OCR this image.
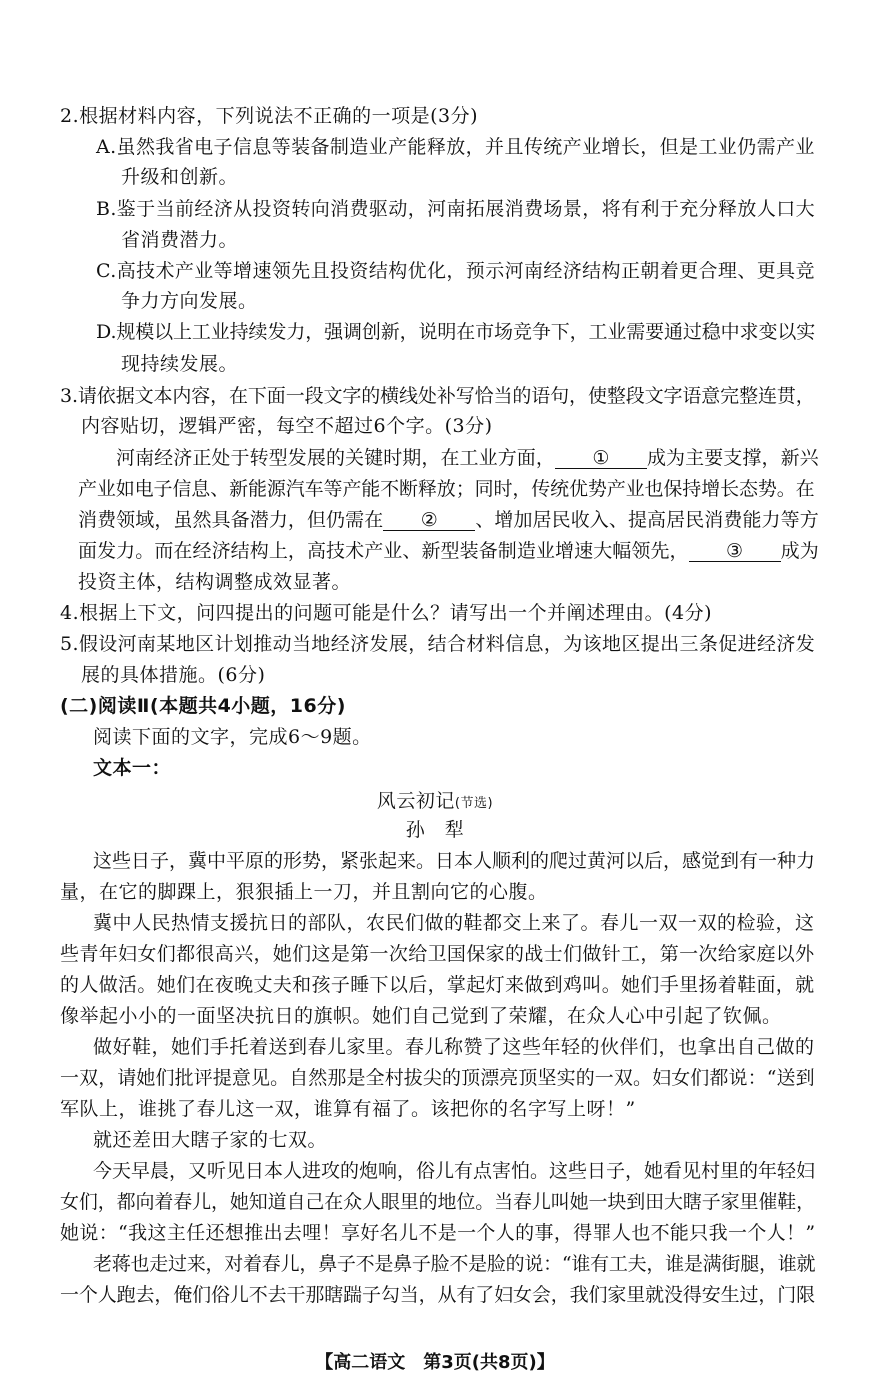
2.根据材料内容，下列说法不正确的一项是(3分)
A.虽然我省电子信息等装备制造业产能释放，并且传统产业增长，但是工业仍需产业
升级和创新。
B.鉴于当前经济从投资转向消费驱动，河南拓展消费场景，将有利于充分释放人口大
省消费潜力。
C.高技术产业等增速领先且投资结构优化，预示河南经济结构正朝着更合理、更具竞
争力方向发展。
D.规模以上工业持续发力，强调创新，说明在市场竞争下，工业需要通过稳中求变以实
现持续发展。
3.请依据文本内容，在下面一段文字的横线处补写恰当的语句，使整段文字语意完整连贯，
内容贴切，逻辑严密，每空不超过6个字。(3分)
河南经济正处于转型发展的关键时期，在工业方面， ① 成为主要支撑，新兴
产业如电子信息、新能源汽车等产能不断释放；同时，传统优势产业也保持增长态势。在
消费领域，虽然具备潜力，但仍需在 ② 、增加居民收入、提高居民消费能力等方
面发力。而在经济结构上，高技术产业、新型装备制造业增速大幅领先， ③ 成为
投资主体，结构调整成效显著。
4.根据上下文，问四提出的问题可能是什么？请写出一个并阐述理由。(4分)
5.假设河南某地区计划推动当地经济发展，结合材料信息，为该地区提出三条促进经济发
展的具体措施。(6分)
(二)阅读Ⅱ(本题共4小题，16分)
阅读下面的文字，完成6～9题。
文本一：
风云初记(节选)
孙　犁
这些日子，冀中平原的形势，紧张起来。日本人顺利的爬过黄河以后，感觉到有一种力
量，在它的脚踝上，狠狠插上一刀，并且割向它的心腹。
冀中人民热情支援抗日的部队，农民们做的鞋都交上来了。春儿一双一双的检验，这
些青年妇女们都很高兴，她们这是第一次给卫国保家的战士们做针工，第一次给家庭以外
的人做活。她们在夜晚丈夫和孩子睡下以后，掌起灯来做到鸡叫。她们手里扬着鞋面，就
像举起小小的一面坚决抗日的旗帜。她们自己觉到了荣耀，在众人心中引起了钦佩。
做好鞋，她们手托着送到春儿家里。春儿称赞了这些年轻的伙伴们，也拿出自己做的
一双，请她们批评提意见。自然那是全村拔尖的顶漂亮顶坚实的一双。妇女们都说：“送到
军队上，谁挑了春儿这一双，谁算有福了。该把你的名字写上呀！”
就还差田大瞎子家的七双。
今天早晨，又听见日本人进攻的炮响，俗儿有点害怕。这些日子，她看见村里的年轻妇
女们，都向着春儿，她知道自己在众人眼里的地位。当春儿叫她一块到田大瞎子家里催鞋，
她说：“我这主任还想推出去哩！享好名儿不是一个人的事，得罪人也不能只我一个人！”
老蒋也走过来，对着春儿，鼻子不是鼻子脸不是脸的说：“谁有工夫，谁是满街腿，谁就
一个人跑去，俺们俗儿不去干那瞎踹子勾当，从有了妇女会，我们家里就没得安生过，门限
【高二语文　第3页(共8页)】
